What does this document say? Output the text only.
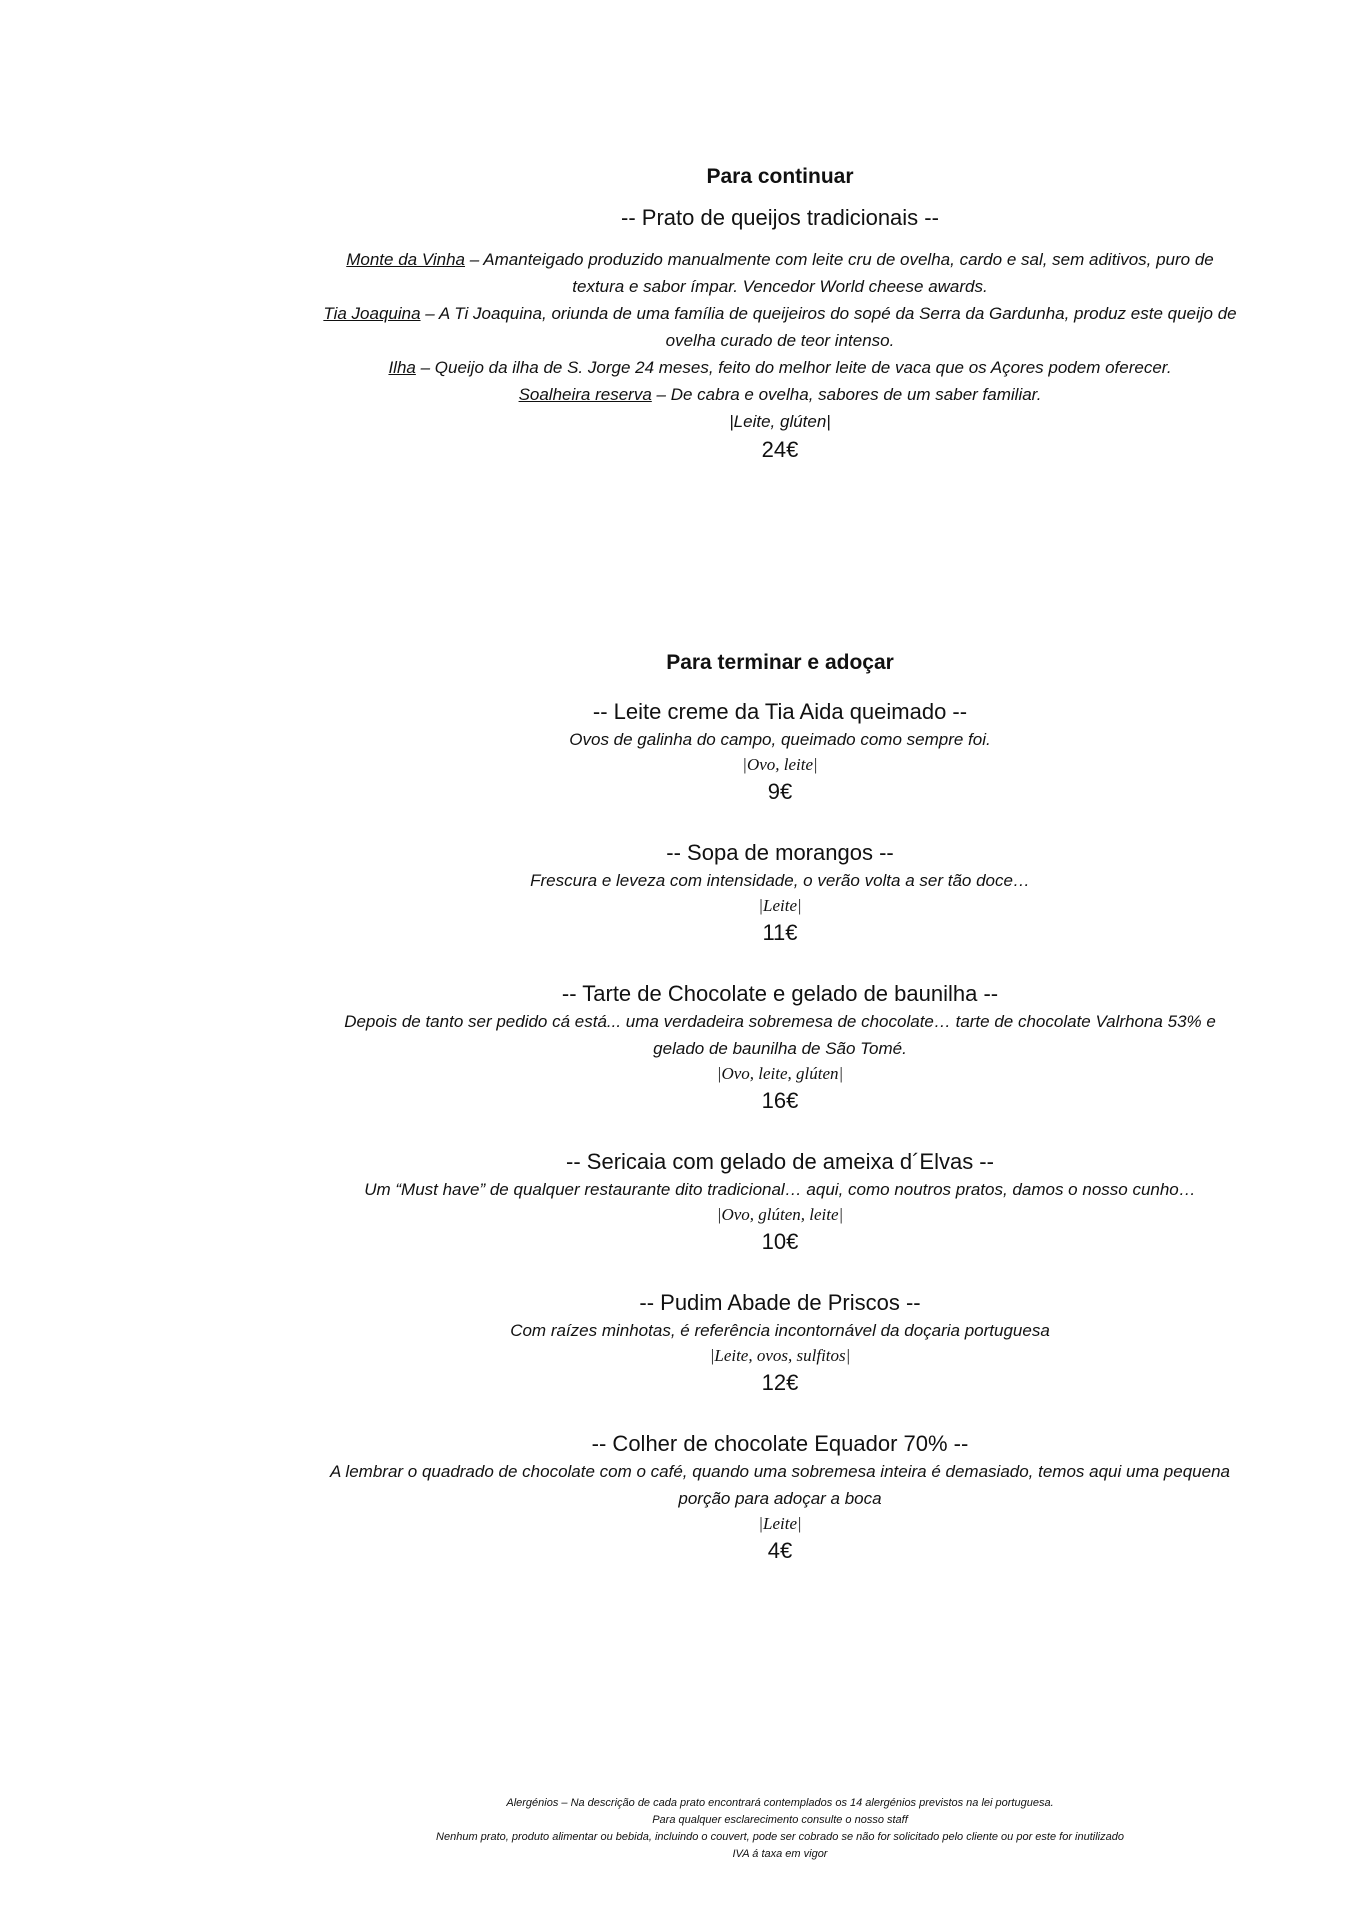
Para continuar

-- Prato de queijos tradicionais --

Monte da Vinha – Amanteigado produzido manualmente com leite cru de ovelha, cardo e sal, sem aditivos, puro de textura e sabor ímpar. Vencedor World cheese awards.

Tia Joaquina – A Ti Joaquina, oriunda de uma família de queijeiros do sopé da Serra da Gardunha, produz este queijo de ovelha curado de teor intenso.

Ilha – Queijo da ilha de S. Jorge 24 meses, feito do melhor leite de vaca que os Açores podem oferecer.

Soalheira reserva – De cabra e ovelha, sabores de um saber familiar.

|Leite, glúten|

24€

Para terminar e adoçar

-- Leite creme da Tia Aida queimado --

Ovos de galinha do campo, queimado como sempre foi.

|Ovo, leite|

9€

-- Sopa de morangos --

Frescura e leveza com intensidade, o verão volta a ser tão doce…

|Leite|

11€

-- Tarte de Chocolate e gelado de baunilha --

Depois de tanto ser pedido cá está... uma verdadeira sobremesa de chocolate… tarte de chocolate Valrhona 53% e gelado de baunilha de São Tomé.

|Ovo, leite, glúten|

16€

-- Sericaia com gelado de ameixa d´Elvas --

Um “Must have” de qualquer restaurante dito tradicional… aqui, como noutros pratos, damos o nosso cunho…

|Ovo, glúten, leite|

10€

-- Pudim Abade de Priscos --

Com raízes minhotas, é referência incontornável da doçaria portuguesa

|Leite, ovos, sulfitos|

12€

-- Colher de chocolate Equador 70% --

A lembrar o quadrado de chocolate com o café, quando uma sobremesa inteira é demasiado, temos aqui uma pequena porção para adoçar a boca

|Leite|

4€

Alergénios – Na descrição de cada prato encontrará contemplados os 14 alergénios previstos na lei portuguesa.

Para qualquer esclarecimento consulte o nosso staff

Nenhum prato, produto alimentar ou bebida, incluindo o couvert, pode ser cobrado se não for solicitado pelo cliente ou por este for inutilizado

IVA á taxa em vigor
